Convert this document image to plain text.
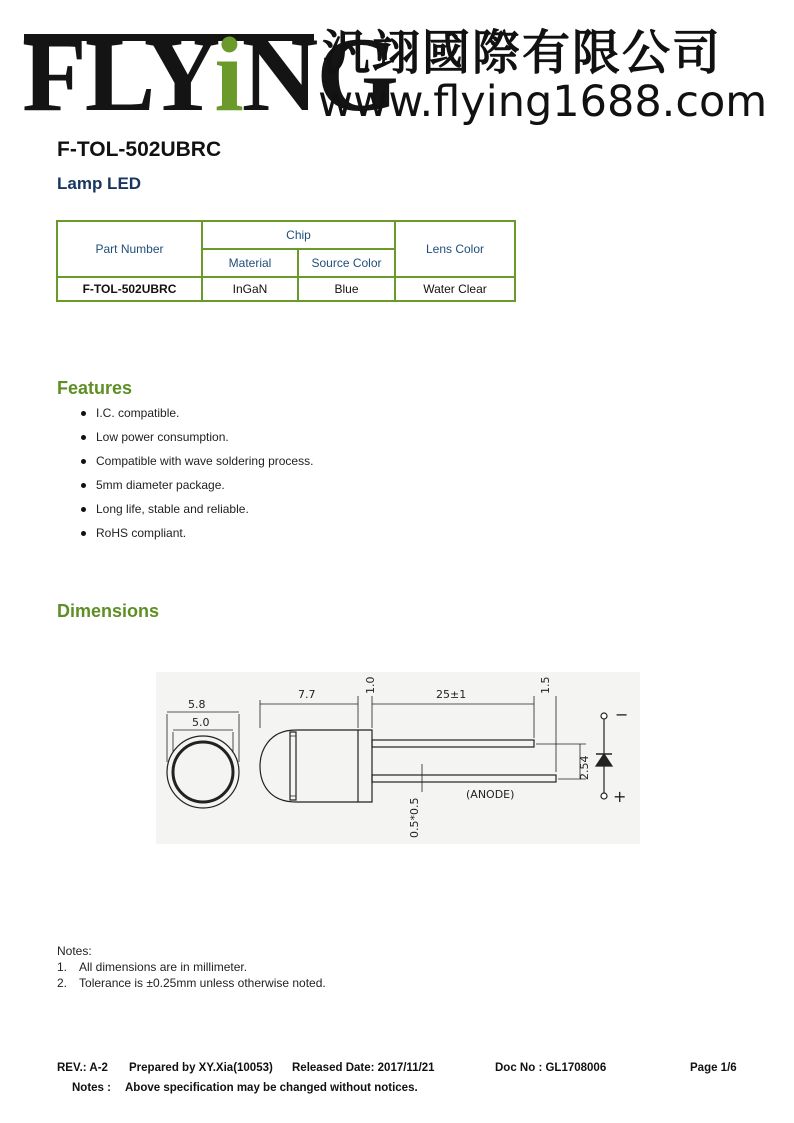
FLYiNG
汎翊國際有限公司
www.flying1688.com
F-TOL-502UBRC
Lamp LED
Part Number	Chip		Lens Color
	Material	Source Color	
F-TOL-502UBRC	InGaN	Blue	Water Clear
Features
I.C. compatible.
Low power consumption.
Compatible with wave soldering process.
5mm diameter package.
Long life, stable and reliable.
RoHS compliant.
Dimensions
5.8
5.0
7.7
1.0
25±1
1.5
2.54
0.5*0.5
(ANODE)
−
+
Notes:
1. All dimensions are in millimeter.
2. Tolerance is ±0.25mm unless otherwise noted.
REV.: A-2 Prepared by XY.Xia(10053) Released Date: 2017/11/21	Doc No : GL1708006	Page 1/6
Notes : Above specification may be changed without notices.
